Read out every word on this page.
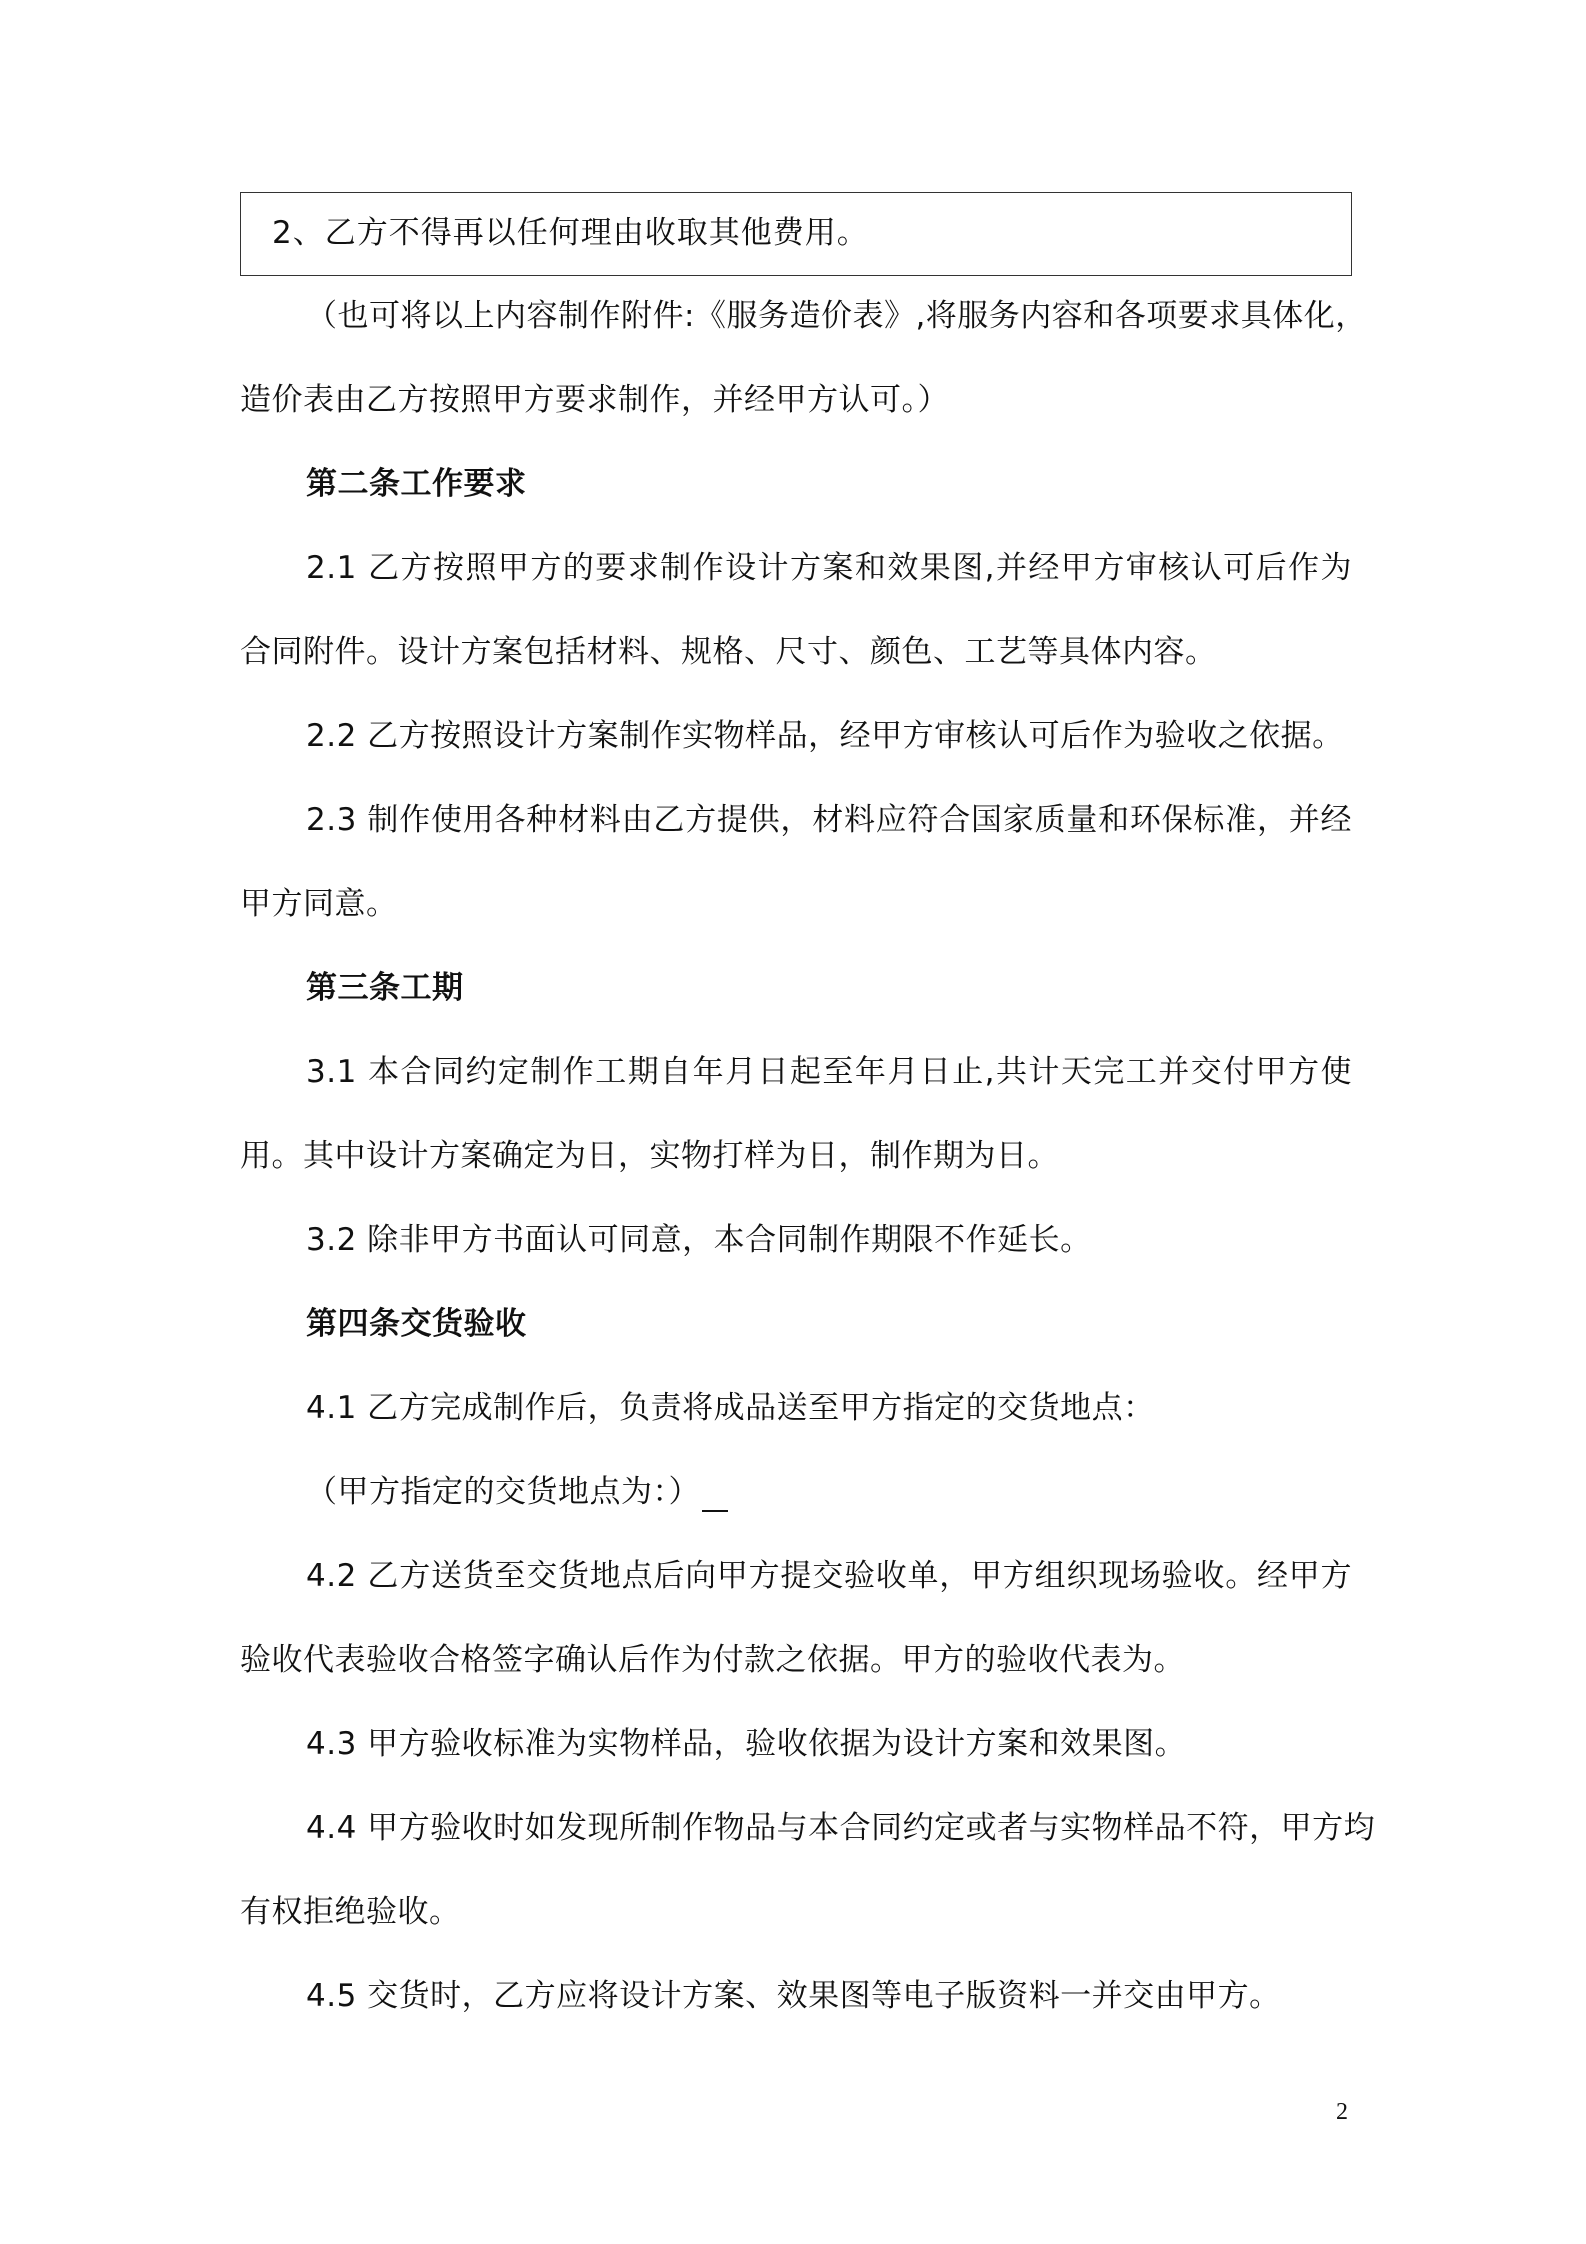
2、乙方不得再以任何理由收取其他费用。
（也可将以上内容制作附件:《服务造价表》,将服务内容和各项要求具体化，
造价表由乙方按照甲方要求制作，并经甲方认可。）
第二条工作要求
2.1 乙方按照甲方的要求制作设计方案和效果图,并经甲方审核认可后作为
合同附件。设计方案包括材料、规格、尺寸、颜色、工艺等具体内容。
2.2 乙方按照设计方案制作实物样品，经甲方审核认可后作为验收之依据。
2.3 制作使用各种材料由乙方提供，材料应符合国家质量和环保标准，并经
甲方同意。
第三条工期
3.1 本合同约定制作工期自年月日起至年月日止,共计天完工并交付甲方使
用。其中设计方案确定为日，实物打样为日，制作期为日。
3.2 除非甲方书面认可同意，本合同制作期限不作延长。
第四条交货验收
4.1 乙方完成制作后，负责将成品送至甲方指定的交货地点：
（甲方指定的交货地点为：）
4.2 乙方送货至交货地点后向甲方提交验收单，甲方组织现场验收。经甲方
验收代表验收合格签字确认后作为付款之依据。甲方的验收代表为。
4.3 甲方验收标准为实物样品，验收依据为设计方案和效果图。
4.4 甲方验收时如发现所制作物品与本合同约定或者与实物样品不符，甲方均
有权拒绝验收。
4.5 交货时，乙方应将设计方案、效果图等电子版资料一并交由甲方。
2
